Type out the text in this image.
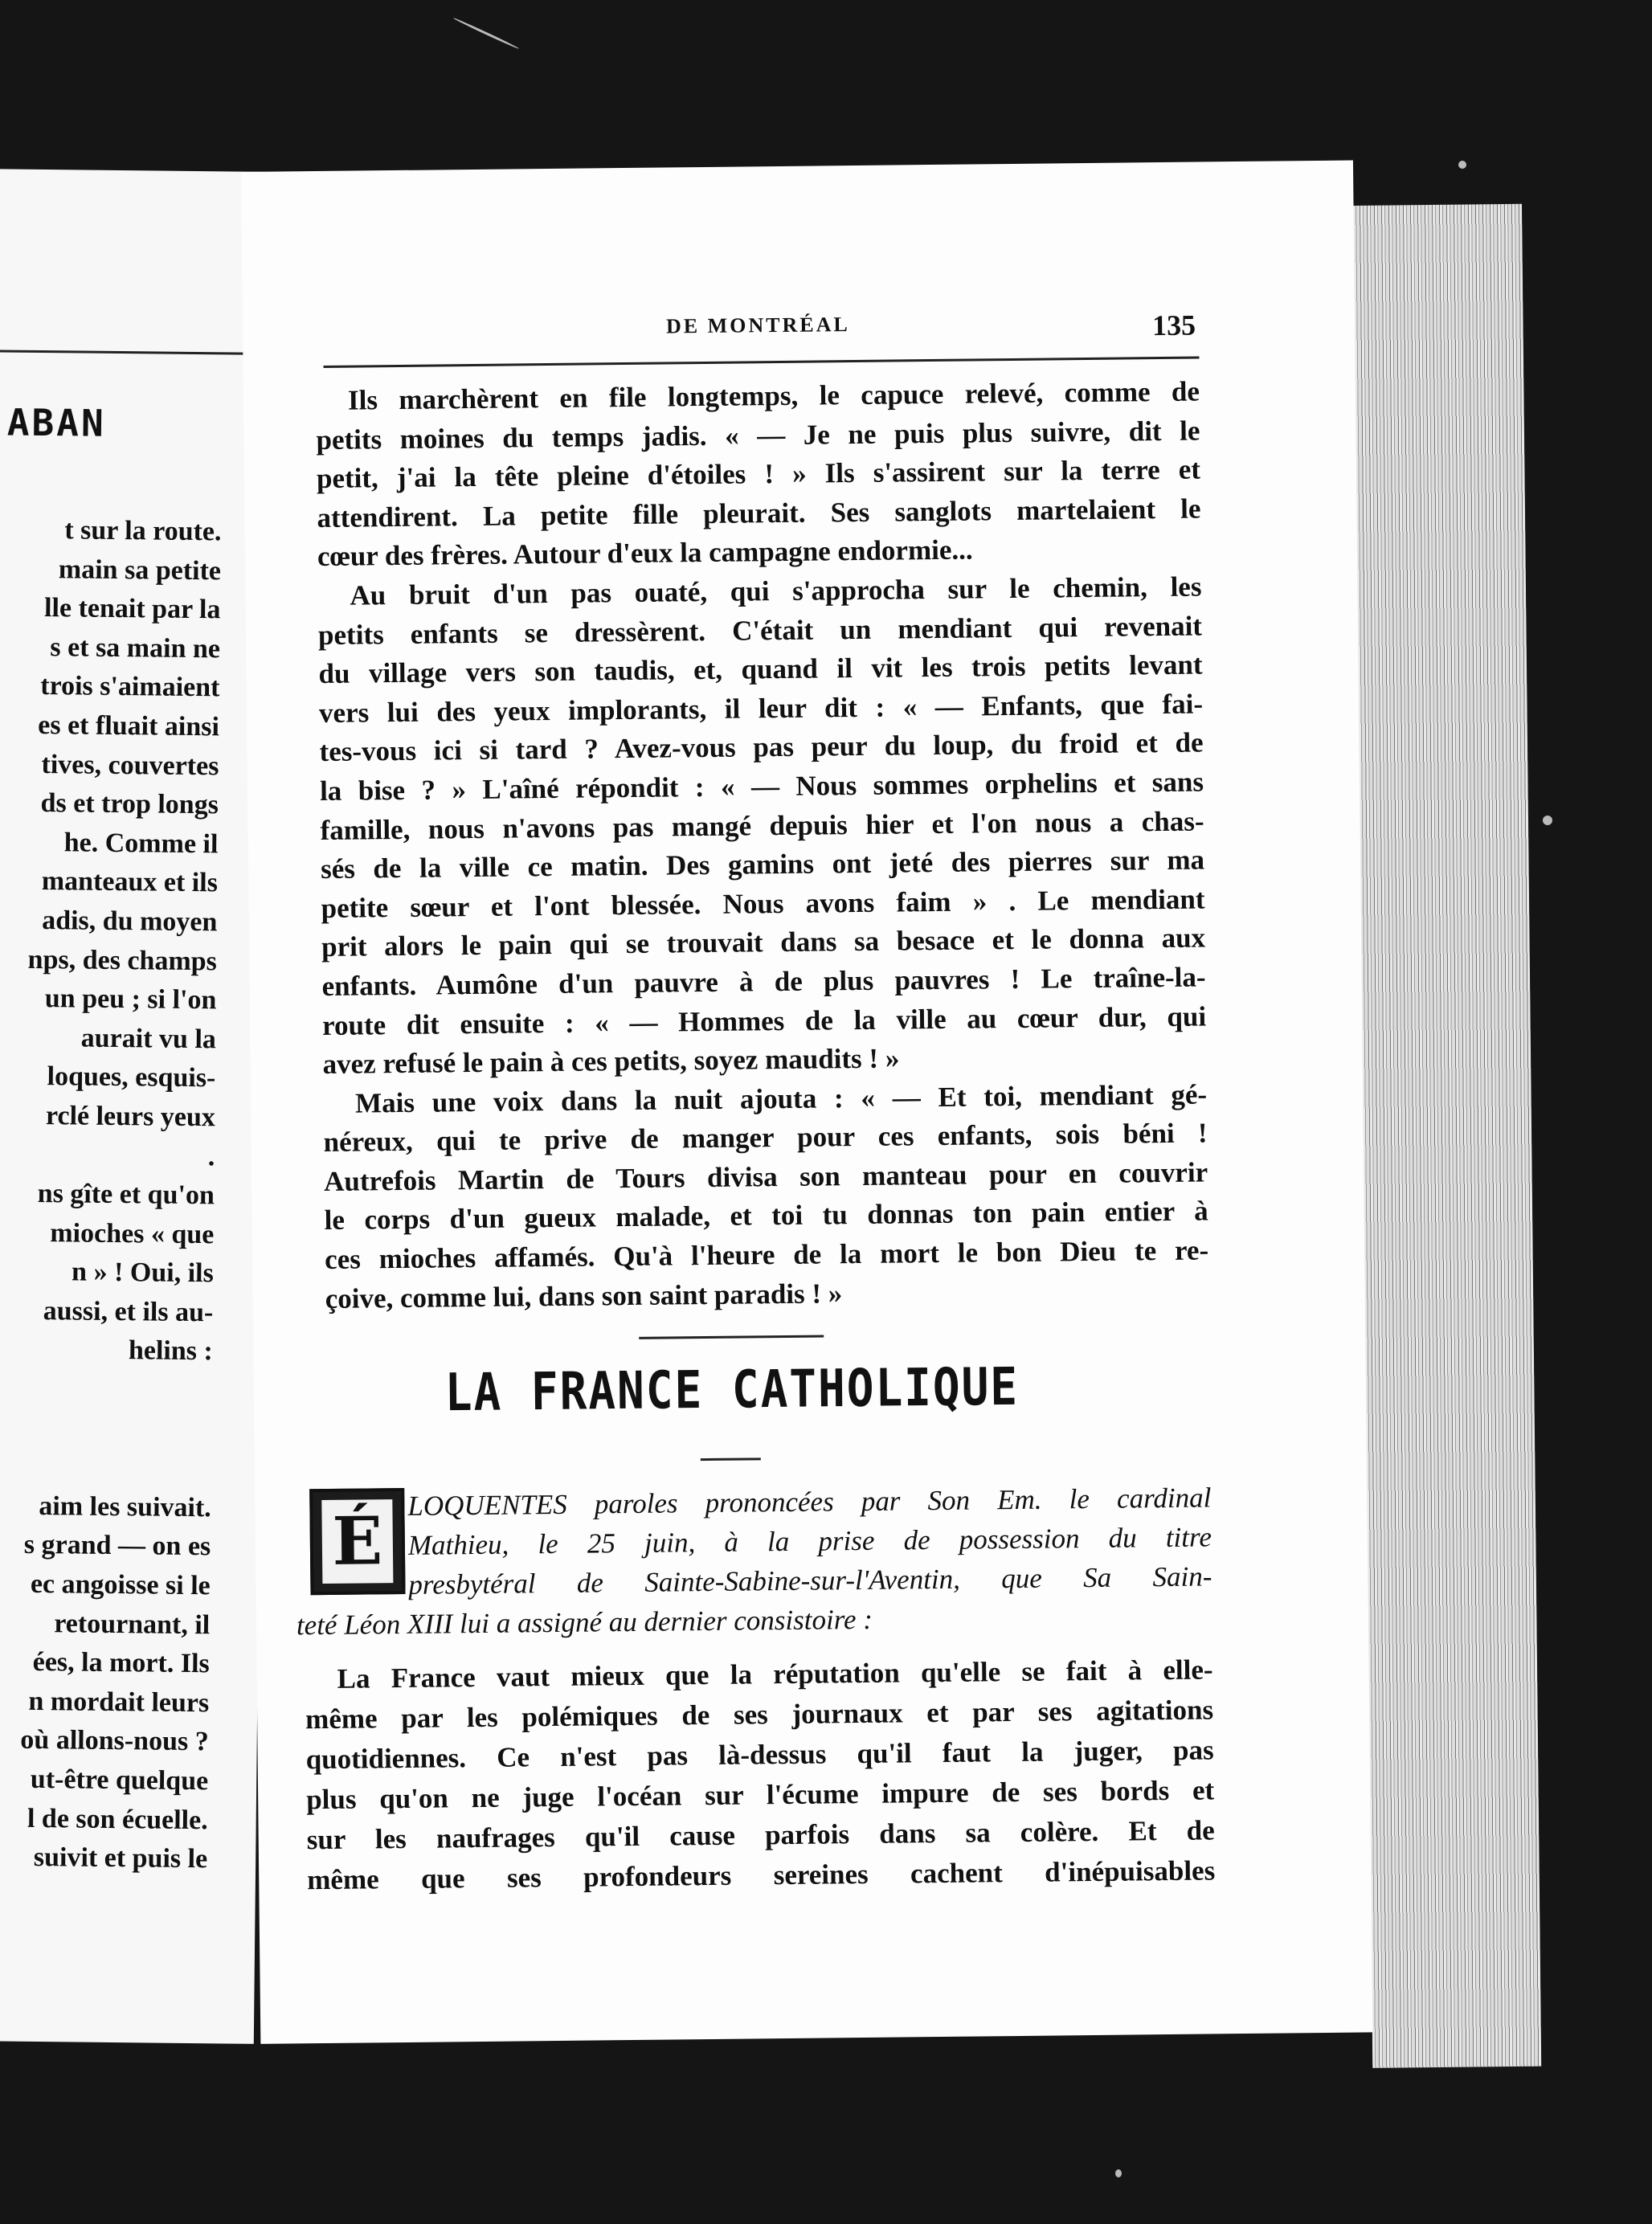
ABAN
t sur la route.
main sa petite
lle tenait par la
s et sa main ne
trois s'aimaient
es et fluait ainsi
tives, couvertes
ds et trop longs
he. Comme il
manteaux et ils
adis, du moyen
nps, des champs
un peu ; si l'on
aurait vu la
loques, esquis-
rclé leurs yeux
.
ns gîte et qu'on
mioches « que
n » ! Oui, ils
aussi, et ils au-
helins :
aim les suivait.
s grand — on es
ec angoisse si le
retournant, il
ées, la mort. Ils
n mordait leurs
où allons-nous ?
ut-être quelque
l de son écuelle.
suivit et puis le
DE MONTRÉAL	135
Ils marchèrent en file longtemps, le capuce relevé, comme de
petits moines du temps jadis. « — Je ne puis plus suivre, dit le
petit, j'ai la tête pleine d'étoiles ! » Ils s'assirent sur la terre et
attendirent. La petite fille pleurait. Ses sanglots martelaient le
cœur des frères. Autour d'eux la campagne endormie...
Au bruit d'un pas ouaté, qui s'approcha sur le chemin, les
petits enfants se dressèrent. C'était un mendiant qui revenait
du village vers son taudis, et, quand il vit les trois petits levant
vers lui des yeux implorants, il leur dit : « — Enfants, que fai-
tes-vous ici si tard ? Avez-vous pas peur du loup, du froid et de
la bise ? » L'aîné répondit : « — Nous sommes orphelins et sans
famille, nous n'avons pas mangé depuis hier et l'on nous a chas-
sés de la ville ce matin. Des gamins ont jeté des pierres sur ma
petite sœur et l'ont blessée. Nous avons faim » . Le mendiant
prit alors le pain qui se trouvait dans sa besace et le donna aux
enfants. Aumône d'un pauvre à de plus pauvres ! Le traîne-la-
route dit ensuite : « — Hommes de la ville au cœur dur, qui
avez refusé le pain à ces petits, soyez maudits ! »
Mais une voix dans la nuit ajouta : « — Et toi, mendiant gé-
néreux, qui te prive de manger pour ces enfants, sois béni !
Autrefois Martin de Tours divisa son manteau pour en couvrir
le corps d'un gueux malade, et toi tu donnas ton pain entier à
ces mioches affamés. Qu'à l'heure de la mort le bon Dieu te re-
çoive, comme lui, dans son saint paradis ! »
LA FRANCE CATHOLIQUE
É
LOQUENTES paroles prononcées par Son Em. le cardinal
Mathieu, le 25 juin, à la prise de possession du titre
presbytéral de Sainte-Sabine-sur-l'Aventin, que Sa Sain-
teté Léon XIII lui a assigné au dernier consistoire :
La France vaut mieux que la réputation qu'elle se fait à elle-
même par les polémiques de ses journaux et par ses agitations
quotidiennes. Ce n'est pas là-dessus qu'il faut la juger, pas
plus qu'on ne juge l'océan sur l'écume impure de ses bords et
sur les naufrages qu'il cause parfois dans sa colère. Et de
même que ses profondeurs sereines cachent d'inépuisables
